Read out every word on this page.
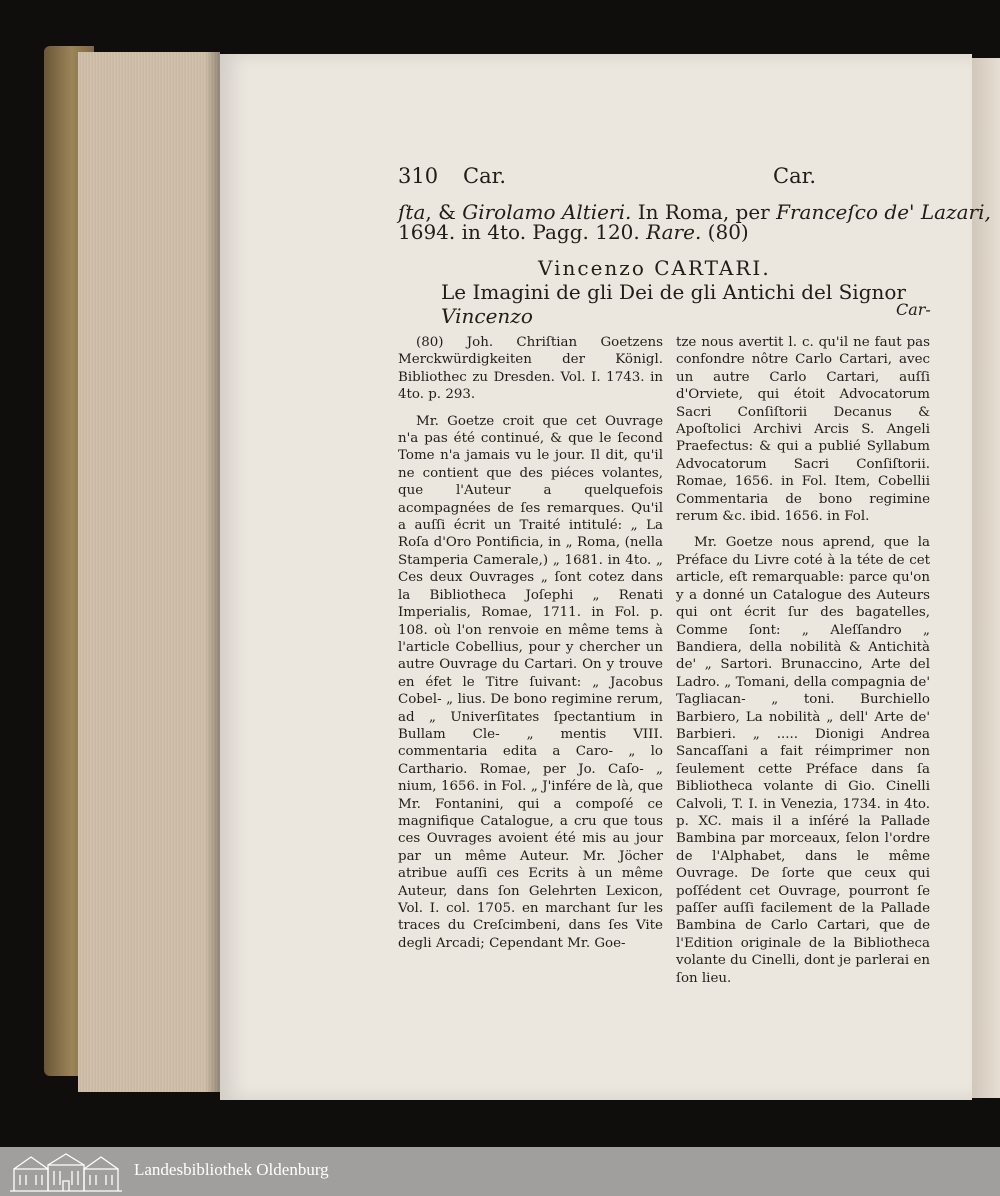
310 Car.	Car.
ſta, & Girolamo Altieri. In Roma, per Franceſco de' Lazari,
1694. in 4to. Pagg. 120. Rare. (80)
Vincenzo CARTARI.
Le Imagini de gli Dei de gli Antichi del Signor Vincenzo	Car-

(80) Joh. Chriſtian Goetzens Merckwürdigkeiten der Königl. Bibliothec zu Dresden. Vol. I. 1743. in 4to. p. 293.

Mr. Goetze croit que cet Ouvrage n'a pas été continué, & que le ſecond Tome n'a jamais vu le jour. Il dit, qu'il ne contient que des piéces volantes, que l'Auteur a quelquefois acompagnées de ſes remarques. Qu'il a auſſi écrit un Traité intitulé: „ La Roſa d'Oro Pontificia, in „ Roma, (nella Stamperia Camerale,) „ 1681. in 4to. „ Ces deux Ouvrages „ ſont cotez dans la Bibliotheca Joſephi „ Renati Imperialis, Romae, 1711. in Fol. p. 108. où l'on renvoie en même tems à l'article Cobellius, pour y chercher un autre Ouvrage du Cartari. On y trouve en éfet le Titre ſuivant: „ Jacobus Cobel- „ lius. De bono regimine rerum, ad „ Univerſitates ſpectantium in Bullam Cle- „ mentis VIII. commentaria edita a Caro- „ lo Carthario. Romae, per Jo. Caſo- „ nium, 1656. in Fol. „ J'infére de là, que Mr. Fontanini, qui a compoſé ce magnifique Catalogue, a cru que tous ces Ouvrages avoient été mis au jour par un même Auteur. Mr. Jöcher atribue auſſi ces Ecrits à un même Auteur, dans ſon Gelehrten Lexicon, Vol. I. col. 1705. en marchant ſur les traces du Creſcimbeni, dans ſes Vite degli Arcadi; Cependant Mr. Goe-

tze nous avertit l. c. qu'il ne faut pas confondre nôtre Carlo Cartari, avec un autre Carlo Cartari, auſſi d'Orviete, qui étoit Advocatorum Sacri Conſiſtorii Decanus & Apoſtolici Archivi Arcis S. Angeli Praefectus: & qui a publié Syllabum Advocatorum Sacri Conſiſtorii. Romae, 1656. in Fol. Item, Cobellii Commentaria de bono regimine rerum &c. ibid. 1656. in Fol.

Mr. Goetze nous aprend, que la Préface du Livre coté à la téte de cet article, eſt remarquable: parce qu'on y a donné un Catalogue des Auteurs qui ont écrit ſur des bagatelles, Comme ſont: „ Aleſſandro „ Bandiera, della nobilità & Antichità de' „ Sartori. Brunaccino, Arte del Ladro. „ Tomani, della compagnia de' Tagliacan- „ toni. Burchiello Barbiero, La nobilità „ dell' Arte de' Barbieri. „ ..... Dionigi Andrea Sancaſſani a fait réimprimer non ſeulement cette Préface dans ſa Bibliotheca volante di Gio. Cinelli Calvoli, T. I. in Venezia, 1734. in 4to. p. XC. mais il a inſéré la Pallade Bambina par morceaux, ſelon l'ordre de l'Alphabet, dans le même Ouvrage. De ſorte que ceux qui poſſédent cet Ouvrage, pourront ſe paſſer auſſi facilement de la Pallade Bambina de Carlo Cartari, que de l'Edition originale de la Bibliotheca volante du Cinelli, dont je parlerai en ſon lieu.

Landesbibliothek Oldenburg
